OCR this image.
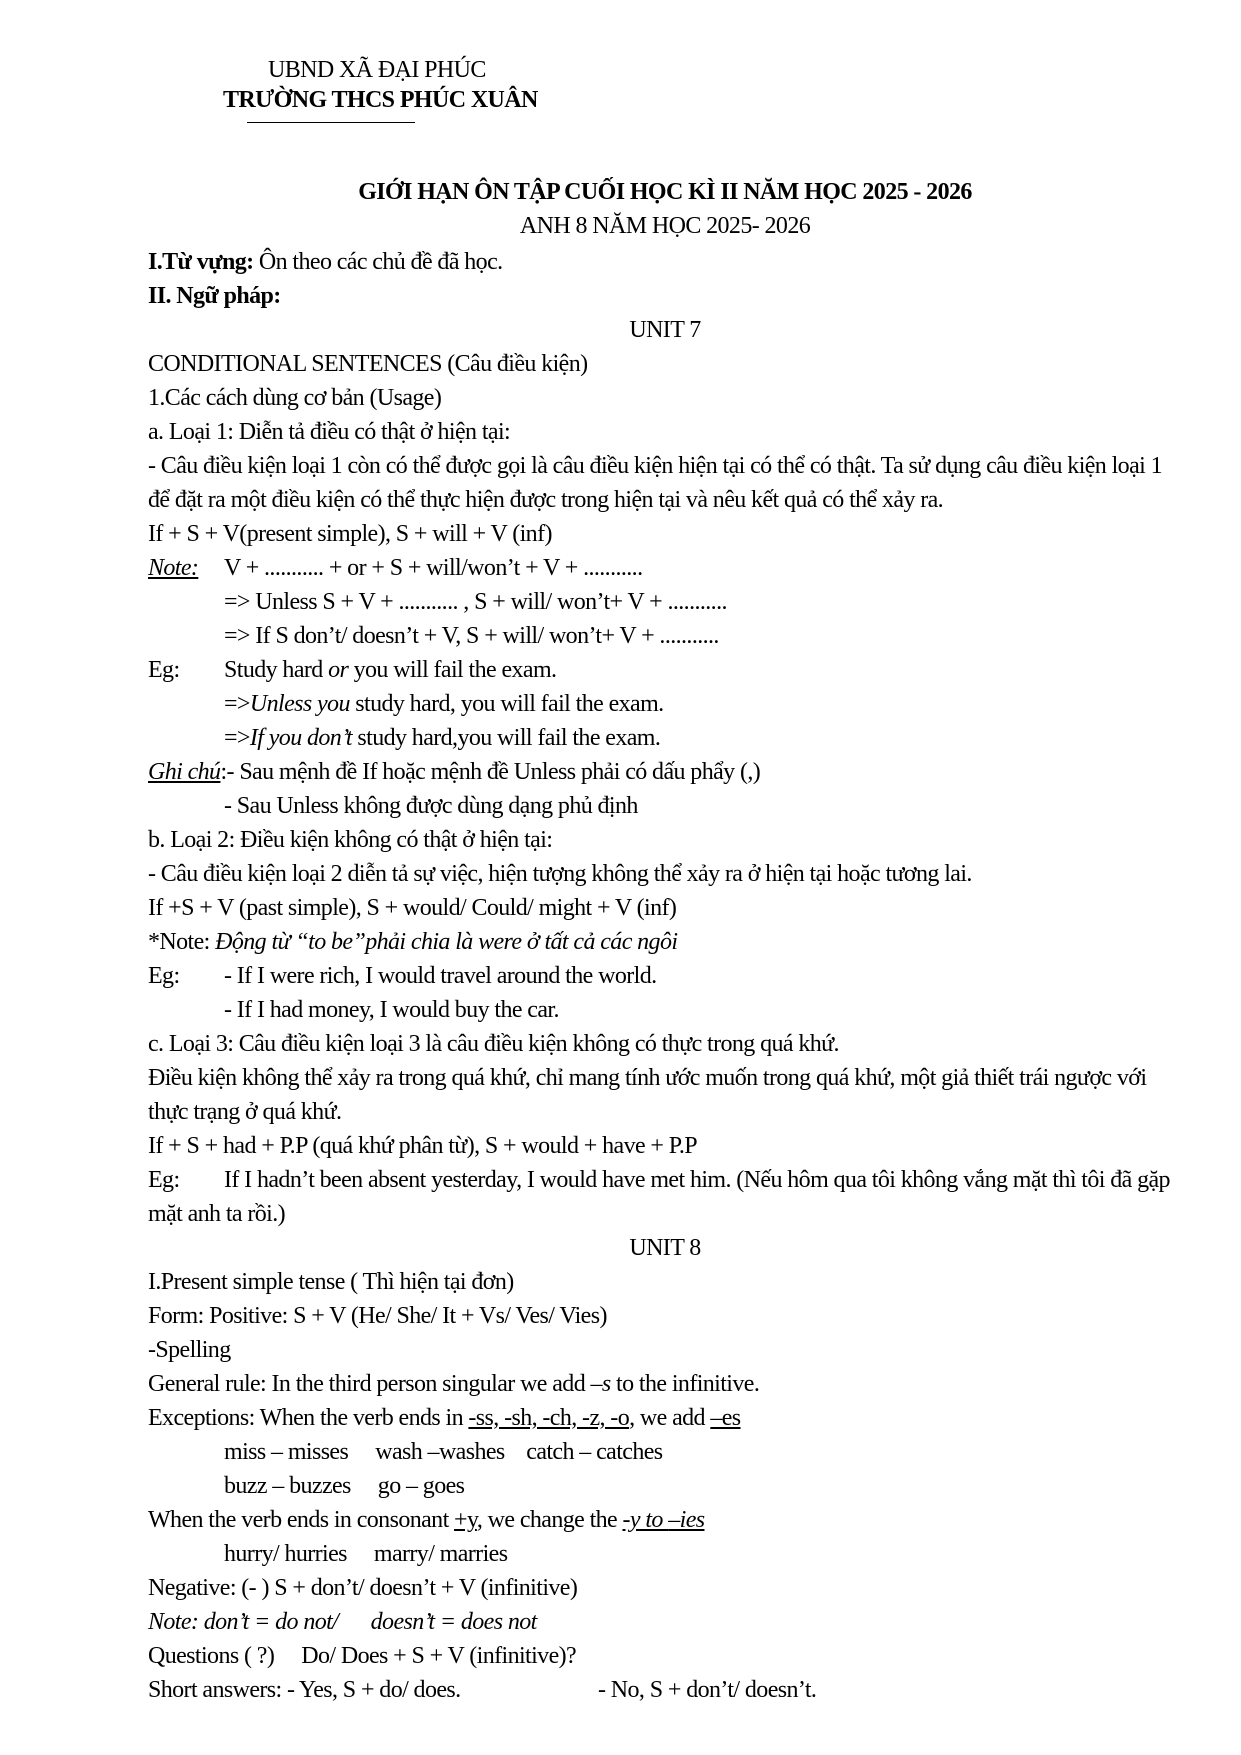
UBND XÃ ĐẠI PHÚC
TRƯỜNG THCS PHÚC XUÂN
GIỚI HẠN ÔN TẬP CUỐI HỌC KÌ II NĂM HỌC 2025 - 2026
ANH 8 NĂM HỌC 2025- 2026
I.Từ vựng: Ôn theo các chủ đề đã học.
II. Ngữ pháp:
UNIT 7
CONDITIONAL SENTENCES (Câu điều kiện)
1.Các cách dùng cơ bản (Usage)
a. Loại 1: Diễn tả điều có thật ở hiện tại:
- Câu điều kiện loại 1 còn có thể được gọi là câu điều kiện hiện tại có thể có thật. Ta sử dụng câu điều kiện loại 1
để đặt ra một điều kiện có thể thực hiện được trong hiện tại và nêu kết quả có thể xảy ra.
If + S + V(present simple), S + will + V (inf)
Note: V + ........... + or + S + will/won’t + V + ...........
=> Unless S + V + ........... , S + will/ won’t+ V + ...........
=> If S don’t/ doesn’t + V, S + will/ won’t+ V + ...........
Eg: Study hard or you will fail the exam.
=>Unless you study hard, you will fail the exam.
=>If you don’t study hard,you will fail the exam.
Ghi chú:- Sau mệnh đề If hoặc mệnh đề Unless phải có dấu phẩy (,)
- Sau Unless không được dùng dạng phủ định
b. Loại 2: Điều kiện không có thật ở hiện tại:
- Câu điều kiện loại 2 diễn tả sự việc, hiện tượng không thể xảy ra ở hiện tại hoặc tương lai.
If +S + V (past simple), S + would/ Could/ might + V (inf)
*Note: Động từ “to be”phải chia là were ở tất cả các ngôi
Eg: - If I were rich, I would travel around the world.
- If I had money, I would buy the car.
c. Loại 3: Câu điều kiện loại 3 là câu điều kiện không có thực trong quá khứ.
Điều kiện không thể xảy ra trong quá khứ, chỉ mang tính ước muốn trong quá khứ, một giả thiết trái ngược với
thực trạng ở quá khứ.
If + S + had + P.P (quá khứ phân từ), S + would + have + P.P
Eg: If I hadn’t been absent yesterday, I would have met him. (Nếu hôm qua tôi không vắng mặt thì tôi đã gặp
mặt anh ta rồi.)
UNIT 8
I.Present simple tense ( Thì hiện tại đơn)
Form: Positive: S + V (He/ She/ It + Vs/ Ves/ Vies)
-Spelling
General rule: In the third person singular we add –s to the infinitive.
Exceptions: When the verb ends in -ss, -sh, -ch, -z, -o, we add –es
miss – misses     wash –washes    catch – catches
buzz – buzzes     go – goes
When the verb ends in consonant +y, we change the -y to –ies
hurry/ hurries     marry/ marries
Negative: (- ) S + don’t/ doesn’t + V (infinitive)
Note: don’t = do not/      doesn’t = does not
Questions ( ?)     Do/ Does + S + V (infinitive)?
Short answers: - Yes, S + do/ does.	- No, S + don’t/ doesn’t.
